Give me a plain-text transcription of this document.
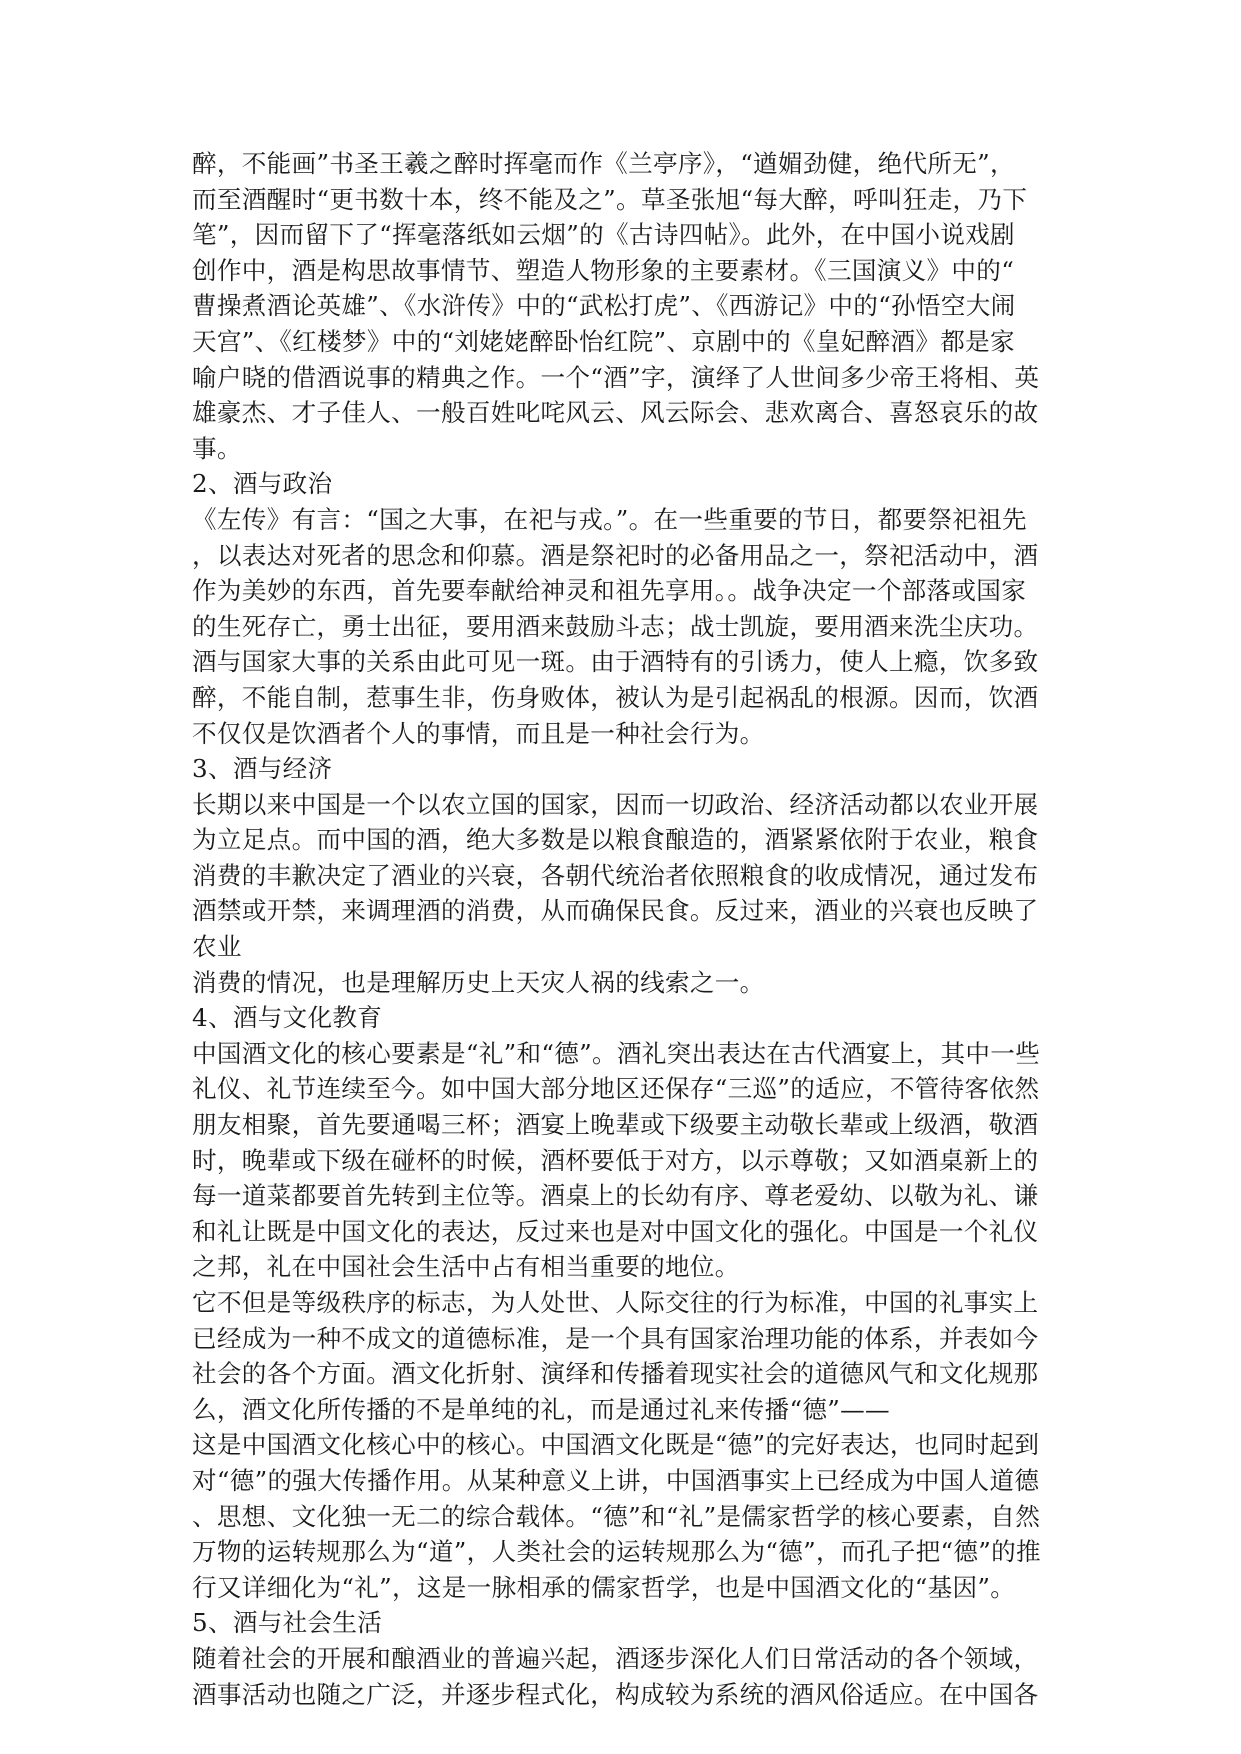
醉，不能画”书圣王羲之醉时挥毫而作《兰亭序》，“遒媚劲健，绝代所无”，
而至酒醒时“更书数十本，终不能及之”。草圣张旭“每大醉，呼叫狂走，乃下
笔”，因而留下了“挥毫落纸如云烟”的《古诗四帖》。此外，在中国小说戏剧
创作中，酒是构思故事情节、塑造人物形象的主要素材。《三国演义》中的“
曹操煮酒论英雄”、《水浒传》中的“武松打虎”、《西游记》中的“孙悟空大闹
天宫”、《红楼梦》中的“刘姥姥醉卧怡红院”、京剧中的《皇妃醉酒》都是家
喻户晓的借酒说事的精典之作。一个“酒”字，演绎了人世间多少帝王将相、英
雄豪杰、才子佳人、一般百姓叱咤风云、风云际会、悲欢离合、喜怒哀乐的故
事。
2、酒与政治
《左传》有言：“国之大事，在祀与戎。”。在一些重要的节日，都要祭祀祖先
，以表达对死者的思念和仰慕。酒是祭祀时的必备用品之一，祭祀活动中，酒
作为美妙的东西，首先要奉献给神灵和祖先享用。。战争决定一个部落或国家
的生死存亡，勇士出征，要用酒来鼓励斗志；战士凯旋，要用酒来洗尘庆功。
酒与国家大事的关系由此可见一斑。由于酒特有的引诱力，使人上瘾，饮多致
醉，不能自制，惹事生非，伤身败体，被认为是引起祸乱的根源。因而，饮酒
不仅仅是饮酒者个人的事情，而且是一种社会行为。
3、酒与经济
长期以来中国是一个以农立国的国家，因而一切政治、经济活动都以农业开展
为立足点。而中国的酒，绝大多数是以粮食酿造的，酒紧紧依附于农业，粮食
消费的丰歉决定了酒业的兴衰，各朝代统治者依照粮食的收成情况，通过发布
酒禁或开禁，来调理酒的消费，从而确保民食。反过来，酒业的兴衰也反映了
农业
消费的情况，也是理解历史上天灾人祸的线索之一。
4、酒与文化教育
中国酒文化的核心要素是“礼”和“德”。酒礼突出表达在古代酒宴上，其中一些
礼仪、礼节连续至今。如中国大部分地区还保存“三巡”的适应，不管待客依然
朋友相聚，首先要通喝三杯；酒宴上晚辈或下级要主动敬长辈或上级酒，敬酒
时，晚辈或下级在碰杯的时候，酒杯要低于对方，以示尊敬；又如酒桌新上的
每一道菜都要首先转到主位等。酒桌上的长幼有序、尊老爱幼、以敬为礼、谦
和礼让既是中国文化的表达，反过来也是对中国文化的强化。中国是一个礼仪
之邦，礼在中国社会生活中占有相当重要的地位。
它不但是等级秩序的标志，为人处世、人际交往的行为标准，中国的礼事实上
已经成为一种不成文的道德标准，是一个具有国家治理功能的体系，并表如今
社会的各个方面。酒文化折射、演绎和传播着现实社会的道德风气和文化规那
么，酒文化所传播的不是单纯的礼，而是通过礼来传播“德”——
这是中国酒文化核心中的核心。中国酒文化既是“德”的完好表达，也同时起到
对“德”的强大传播作用。从某种意义上讲，中国酒事实上已经成为中国人道德
、思想、文化独一无二的综合载体。“德”和“礼”是儒家哲学的核心要素，自然
万物的运转规那么为“道”，人类社会的运转规那么为“德”，而孔子把“德”的推
行又详细化为“礼”，这是一脉相承的儒家哲学，也是中国酒文化的“基因”。
5、酒与社会生活
随着社会的开展和酿酒业的普遍兴起，酒逐步深化人们日常活动的各个领域，
酒事活动也随之广泛，并逐步程式化，构成较为系统的酒风俗适应。在中国各
